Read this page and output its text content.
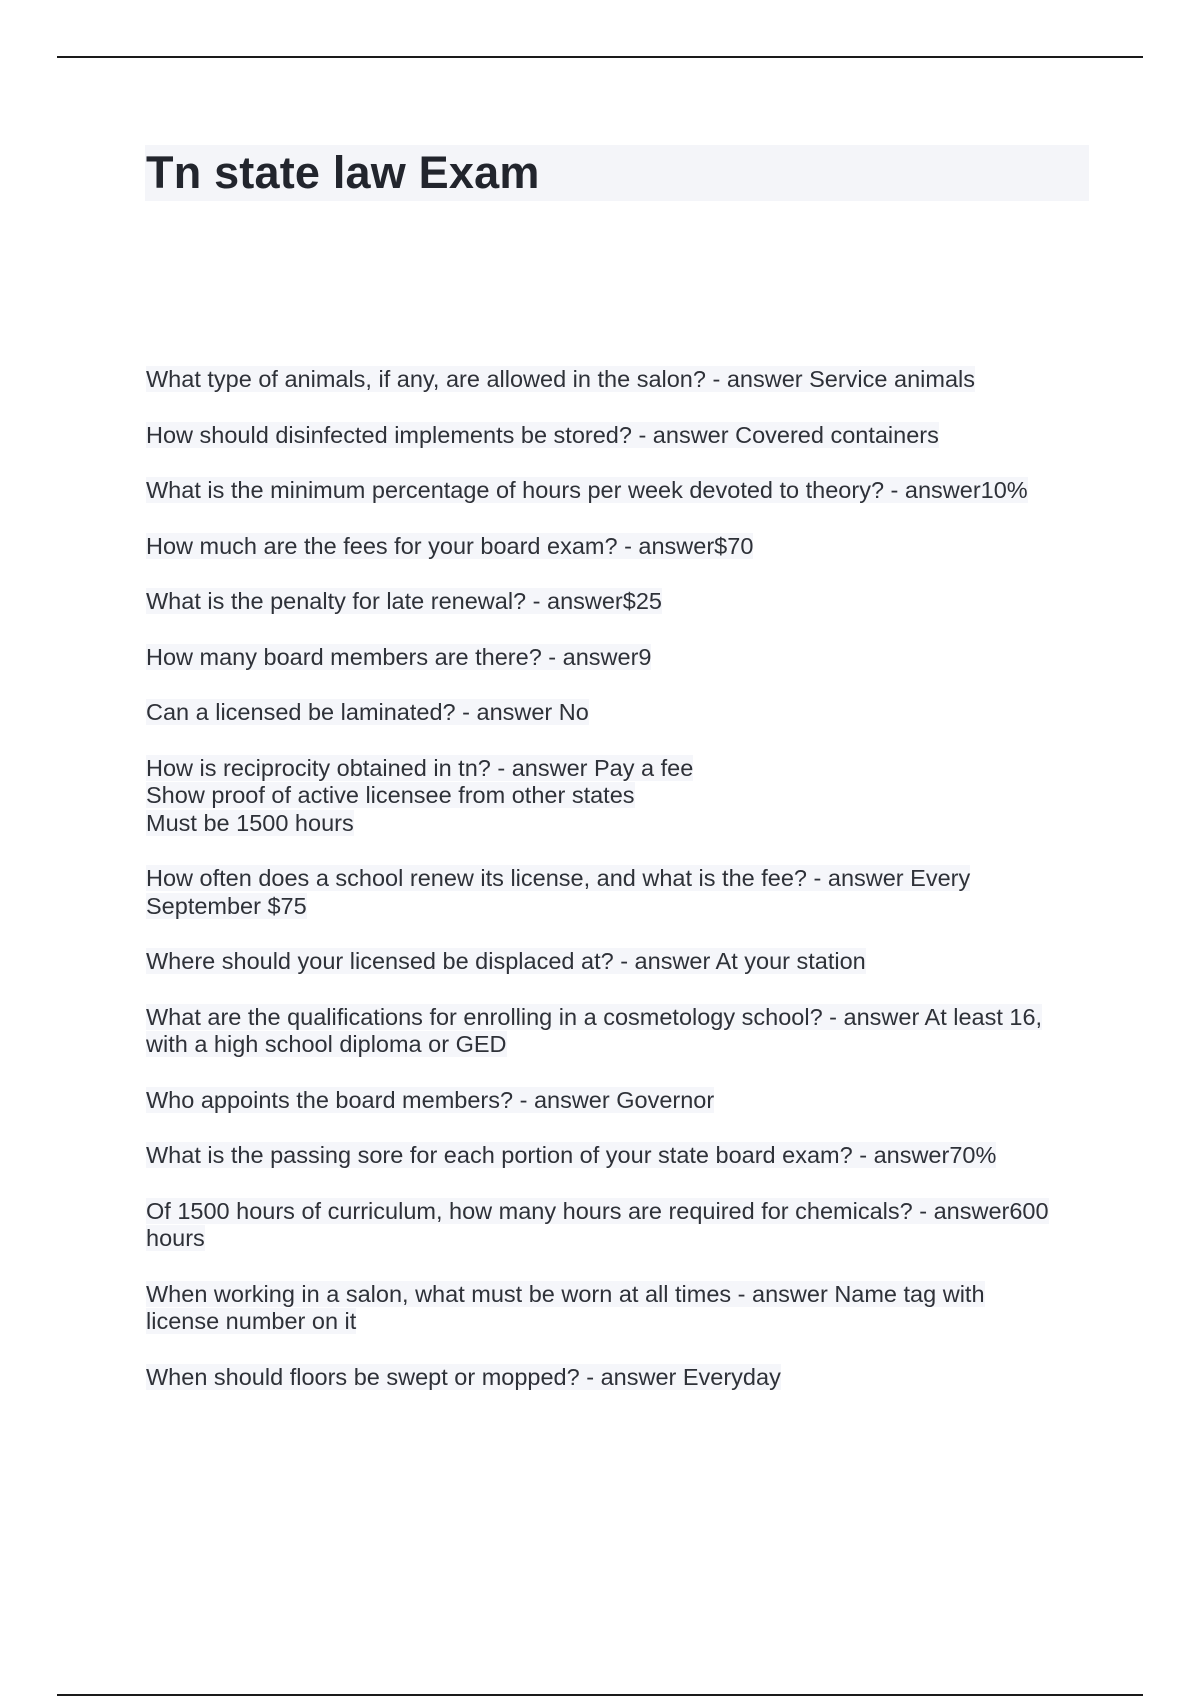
Tn state law Exam
What type of animals, if any, are allowed in the salon? - answer Service animals
How should disinfected implements be stored? - answer Covered containers
What is the minimum percentage of hours per week devoted to theory? - answer10%
How much are the fees for your board exam? - answer$70
What is the penalty for late renewal? - answer$25
How many board members are there? - answer9
Can a licensed be laminated? - answer No
How is reciprocity obtained in tn? - answer Pay a fee
Show proof of active licensee from other states
Must be 1500 hours
How often does a school renew its license, and what is the fee? - answer Every
September $75
Where should your licensed be displaced at? - answer At your station
What are the qualifications for enrolling in a cosmetology school? - answer At least 16,
with a high school diploma or GED
Who appoints the board members? - answer Governor
What is the passing sore for each portion of your state board exam? - answer70%
Of 1500 hours of curriculum, how many hours are required for chemicals? - answer600
hours
When working in a salon, what must be worn at all times - answer Name tag with
license number on it
When should floors be swept or mopped? - answer Everyday
